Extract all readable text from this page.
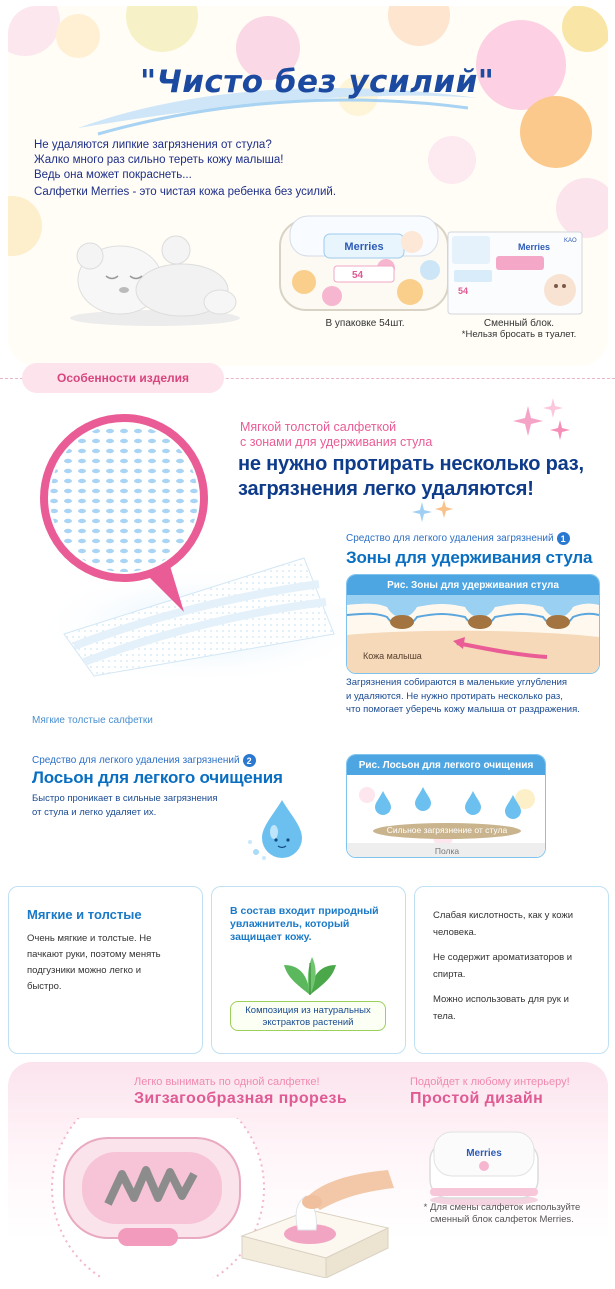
"Чисто без усилий"

Не удаляются липкие загрязнения от стула?

Жалко много раз сильно тереть кожу малыша!

Ведь она может покраснеть...

Салфетки Merries - это чистая кожа ребенка без усилий.
Merries
54
В упаковке 54шт.
Merries
KAO
54
Сменный блок.
*Нельзя бросать в туалет.
Особенности изделия
Мягкие толстые салфетки
Мягкой толстой салфеткой
с зонами для удерживания стула
не нужно протирать несколько раз,
загрязнения легко удаляются!
Средство для легкого удаления загрязнений 1
Зоны для удерживания стула
Рис. Зоны для удерживания стула
Кожа малыша
Загрязнения собираются в маленькие углубления
и удаляются. Не нужно протирать несколько раз,
что помогает уберечь кожу малыша от раздражения.
Средство для легкого удаления загрязнений 2
Лосьон для легкого очищения
Быстро проникает в сильные загрязнения
от стула и легко удаляет их.
Рис. Лосьон для легкого очищения
Сильное загрязнение от стула
Полка
Мягкие и толстые
Очень мягкие и толстые. Не
пачкают руки, поэтому менять
подгузники можно легко и
быстро.
В состав входит природный
увлажнитель, который
защищает кожу.
Композиция из натуральных
экстрактов растений
Слабая кислотность, как у кожи
человека.
Не содержит ароматизаторов и
спирта.
Можно использовать для рук и
тела.
Легко вынимать по одной салфетке!
Зигзагообразная прорезь
Подойдет к любому интерьеру!
Простой дизайн
Merries
* Для смены салфеток используйте
сменный блок салфеток Merries.
